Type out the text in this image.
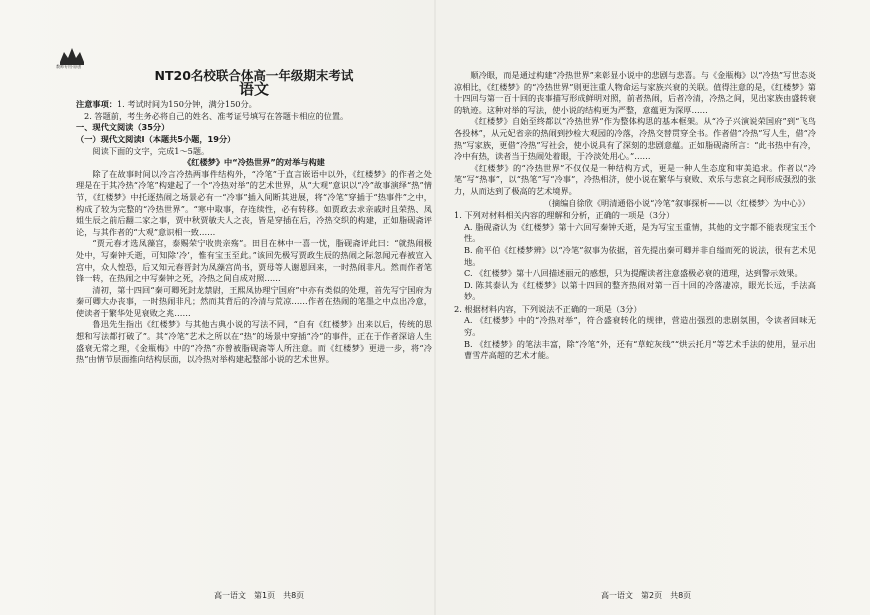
教师专用·原创
NT20名校联合体高一年级期末考试
语文

注意事项：1. 考试时间为150分钟，满分150分。

2. 答题前，考生务必将自己的姓名、准考证号填写在答题卡相应的位置。

一、现代文阅读（35分）

（一）现代文阅读Ⅰ（本题共5小题，19分）

阅读下面的文字，完成1～5题。

《红楼梦》中“冷热世界”的对举与构建

除了在故事时间以冷言冷热两事件结构外，“冷笔”于直言嵌语中以外，《红楼梦》的作者之处理是在于其冷热“冷笔”构建起了一个“冷热对举”的艺术世界，从“大观”意识以“冷”故事演绎“热”情节，《红楼梦》中托逐热闹之场景必有一“冷事”插入间断其进展，将“冷笔”穿插于“热事件”之中，构成了较为完整的“冷热世界”。“寒中取事，存连续性，必有转移。如贾政去求亲戚时且荣热、凤姐生辰之前后翻二家之事，贾中秋贾敏夫人之丧，皆是穿插在后，冷热交织的构建，正如脂砚斋评论，与其作者的“大观”意识相一致……

“贾元春才选凤藻宫，泰赐荣宁收贵亲殇”。田目在林中一喜一忧，脂砚斋评此曰：“就热闹极处中，写秦钟夭逝，可知除‘冷’，惟有宝玉至此。”该回先极写贾政生辰的热闹之际忽闻元春被宣入宫中，众人惶恐，后又知元春晋封为凤藻宫尚书，贾母等人谢恩回来，一时热闹非凡。然而作者笔锋一转，在热闹之中写秦钟之死，冷热之间自成对照……

清初，第十四回“秦可卿死封龙禁尉，王熙凤协理宁国府”中亦有类似的处理，首先写宁国府为秦可卿大办丧事，一时热闹非凡；然而其背后的冷清与荒凉……作者在热闹的笔墨之中点出冷意，使读者于繁华处见衰败之兆……

鲁迅先生指出《红楼梦》与其他古典小说的写法不同，“自有《红楼梦》出来以后，传统的思想和写法都打破了”。其“冷笔”艺术之所以在“热”的场景中穿插“冷”的事件，正在于作者深谙人生盛衰无常之理，《金瓶梅》中的“冷热”亦曾被脂砚斋等人所注意。而《红楼梦》更进一步，将“冷热”由情节层面推向结构层面，以冷热对举构建起整部小说的艺术世界。

顺冷眼，而是通过构建“冷热世界”来彰显小说中的悲剧与悲喜。与《金瓶梅》以“冷热”写世态炎凉相比，《红楼梦》的“冷热世界”则更注重人物命运与家族兴衰的关联。值得注意的是，《红楼梦》第十四回与第一百十回的丧事描写形成鲜明对照，前者热闹，后者冷清，冷热之间，见出家族由盛转衰的轨迹。这种对举的写法，使小说的结构更为严整，意蕴更为深厚……

《红楼梦》自始至终都以“冷热世界”作为整体构思的基本框架。从“冷子兴演说荣国府”到“飞鸟各投林”，从元妃省亲的热闹到抄检大观园的冷落，冷热交替贯穿全书。作者借“冷热”写人生，借“冷热”写家族，更借“冷热”写社会，使小说具有了深刻的悲剧意蕴。正如脂砚斋所言：“此书热中有冷，冷中有热，读者当于热闹处着眼，于冷淡处用心。”……

《红楼梦》的“冷热世界”不仅仅是一种结构方式，更是一种人生态度和审美追求。作者以“冷笔”写“热事”，以“热笔”写“冷事”，冷热相济，使小说在繁华与衰败、欢乐与悲哀之间形成强烈的张力，从而达到了极高的艺术境界。

（摘编自徐欣《明清通俗小说“冷笔”叙事探析——以〈红楼梦〉为中心》）

1. 下列对材料相关内容的理解和分析，正确的一项是（3分）

A. 脂砚斋认为《红楼梦》第十六回写秦钟夭逝，是为写宝玉重情，其他的文字都不能表现宝玉个性。

B. 俞平伯《红楼梦辨》以“冷笔”叙事为依据，首先提出秦可卿并非自缢而死的说法，很有艺术见地。

C. 《红楼梦》第十八回描述丽元的感想，只为提醒读者注意盛极必衰的道理，达到警示效果。

D. 陈其泰认为《红楼梦》以第十四回的整齐热闹对第一百十回的冷落凄凉，眼光长远，手法高妙。

2. 根据材料内容，下列说法不正确的一项是（3分）

A. 《红楼梦》中的“冷热对举”，符合盛衰转化的规律，营造出强烈的悲剧氛围，令读者回味无穷。

B. 《红楼梦》的笔法丰富，除“冷笔”外，还有“草蛇灰线”“烘云托月”等艺术手法的使用，显示出曹雪芹高超的艺术才能。

高一语文　第1页　共8页	高一语文　第2页　共8页
